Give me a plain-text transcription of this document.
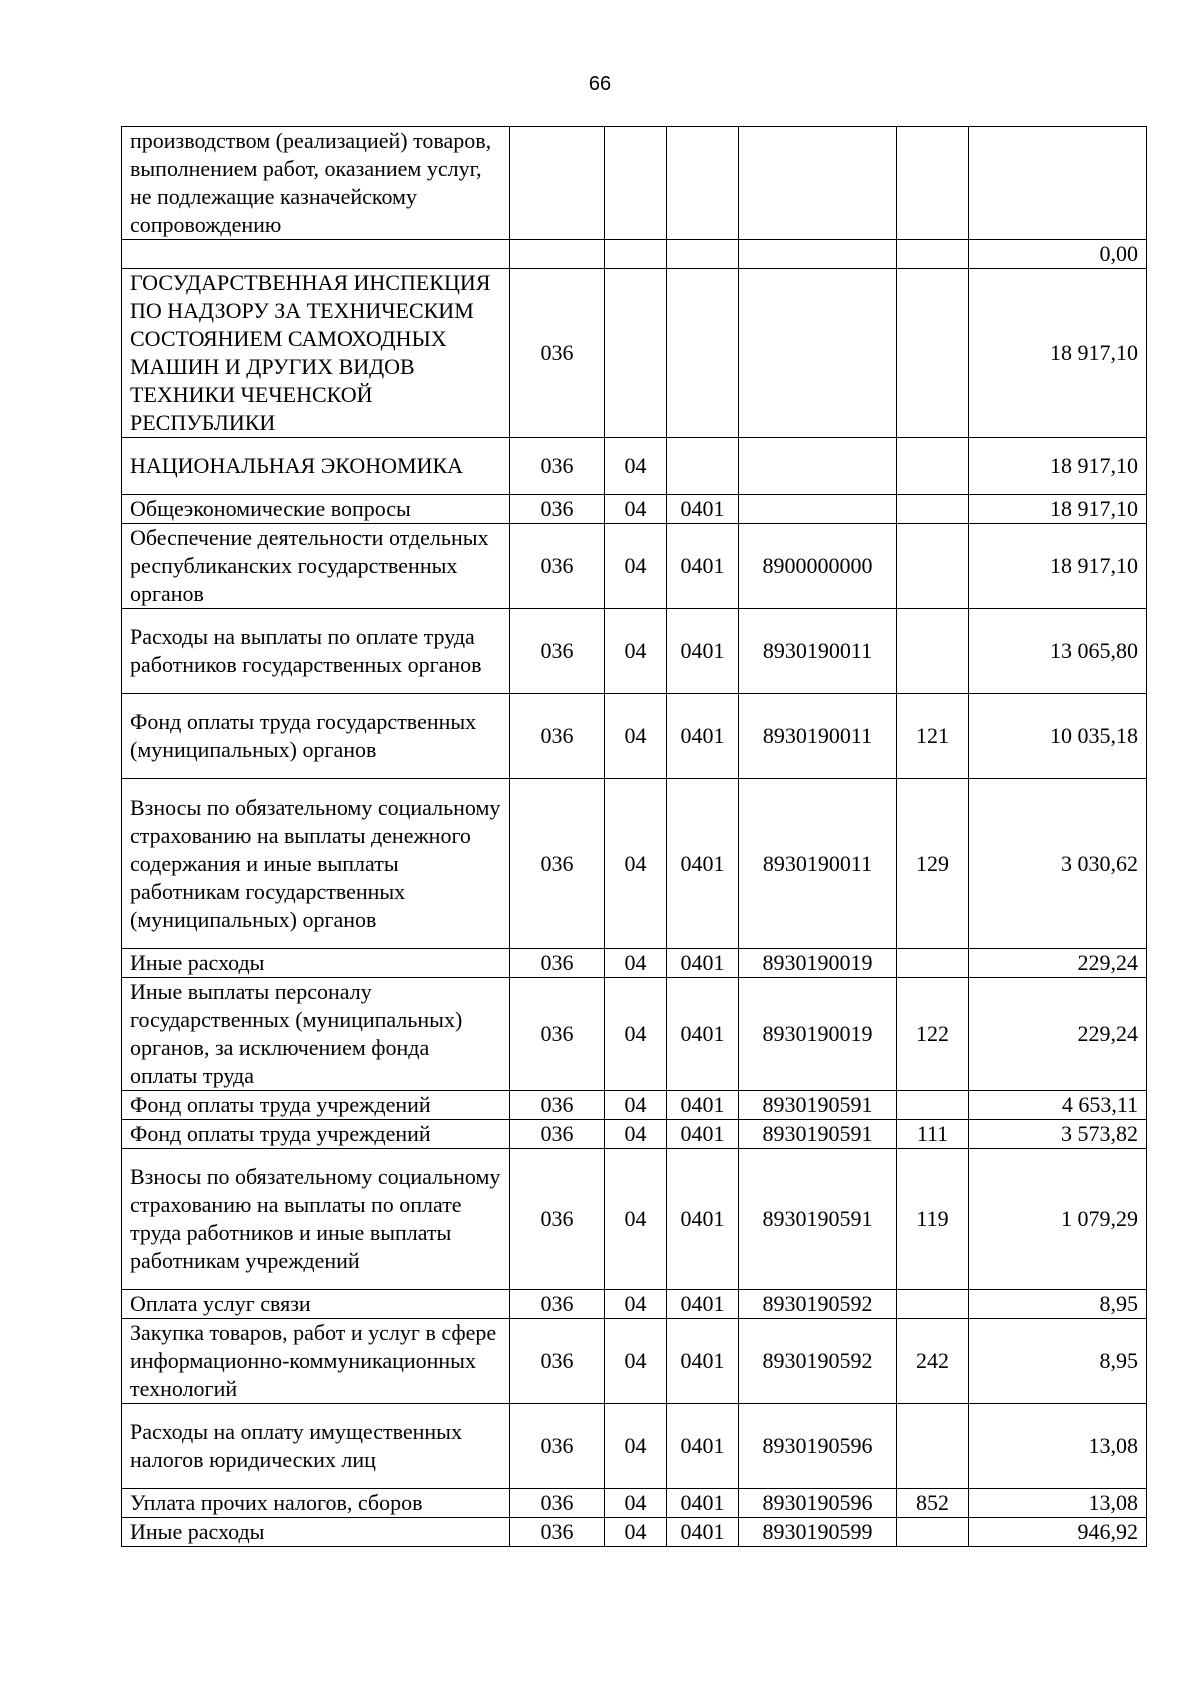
66
производством (реализацией) товаров, выполнением работ, оказанием услуг, не подлежащие казначейскому сопровождению						
						0,00
ГОСУДАРСТВЕННАЯ ИНСПЕКЦИЯ ПО НАДЗОРУ ЗА ТЕХНИЧЕСКИМ СОСТОЯНИЕМ САМОХОДНЫХ МАШИН И ДРУГИХ ВИДОВ ТЕХНИКИ ЧЕЧЕНСКОЙ РЕСПУБЛИКИ	036					18 917,10
НАЦИОНАЛЬНАЯ ЭКОНОМИКА	036	04				18 917,10
Общеэкономические вопросы	036	04	0401			18 917,10
Обеспечение деятельности отдельных республиканских государственных органов	036	04	0401	8900000000		18 917,10
Расходы на выплаты по оплате труда работников государственных органов	036	04	0401	8930190011		13 065,80
Фонд оплаты труда государственных (муниципальных) органов	036	04	0401	8930190011	121	10 035,18
Взносы по обязательному социальному страхованию на выплаты денежного содержания и иные выплаты работникам государственных (муниципальных) органов	036	04	0401	8930190011	129	3 030,62
Иные расходы	036	04	0401	8930190019		229,24
Иные выплаты персоналу государственных (муниципальных) органов, за исключением фонда оплаты труда	036	04	0401	8930190019	122	229,24
Фонд оплаты труда учреждений	036	04	0401	8930190591		4 653,11
Фонд оплаты труда учреждений	036	04	0401	8930190591	111	3 573,82
Взносы по обязательному социальному страхованию на выплаты по оплате труда работников и иные выплаты работникам учреждений	036	04	0401	8930190591	119	1 079,29
Оплата услуг связи	036	04	0401	8930190592		8,95
Закупка товаров, работ и услуг в сфере информационно-коммуникационных технологий	036	04	0401	8930190592	242	8,95
Расходы на оплату имущественных налогов юридических лиц	036	04	0401	8930190596		13,08
Уплата прочих налогов, сборов	036	04	0401	8930190596	852	13,08
Иные расходы	036	04	0401	8930190599		946,92
